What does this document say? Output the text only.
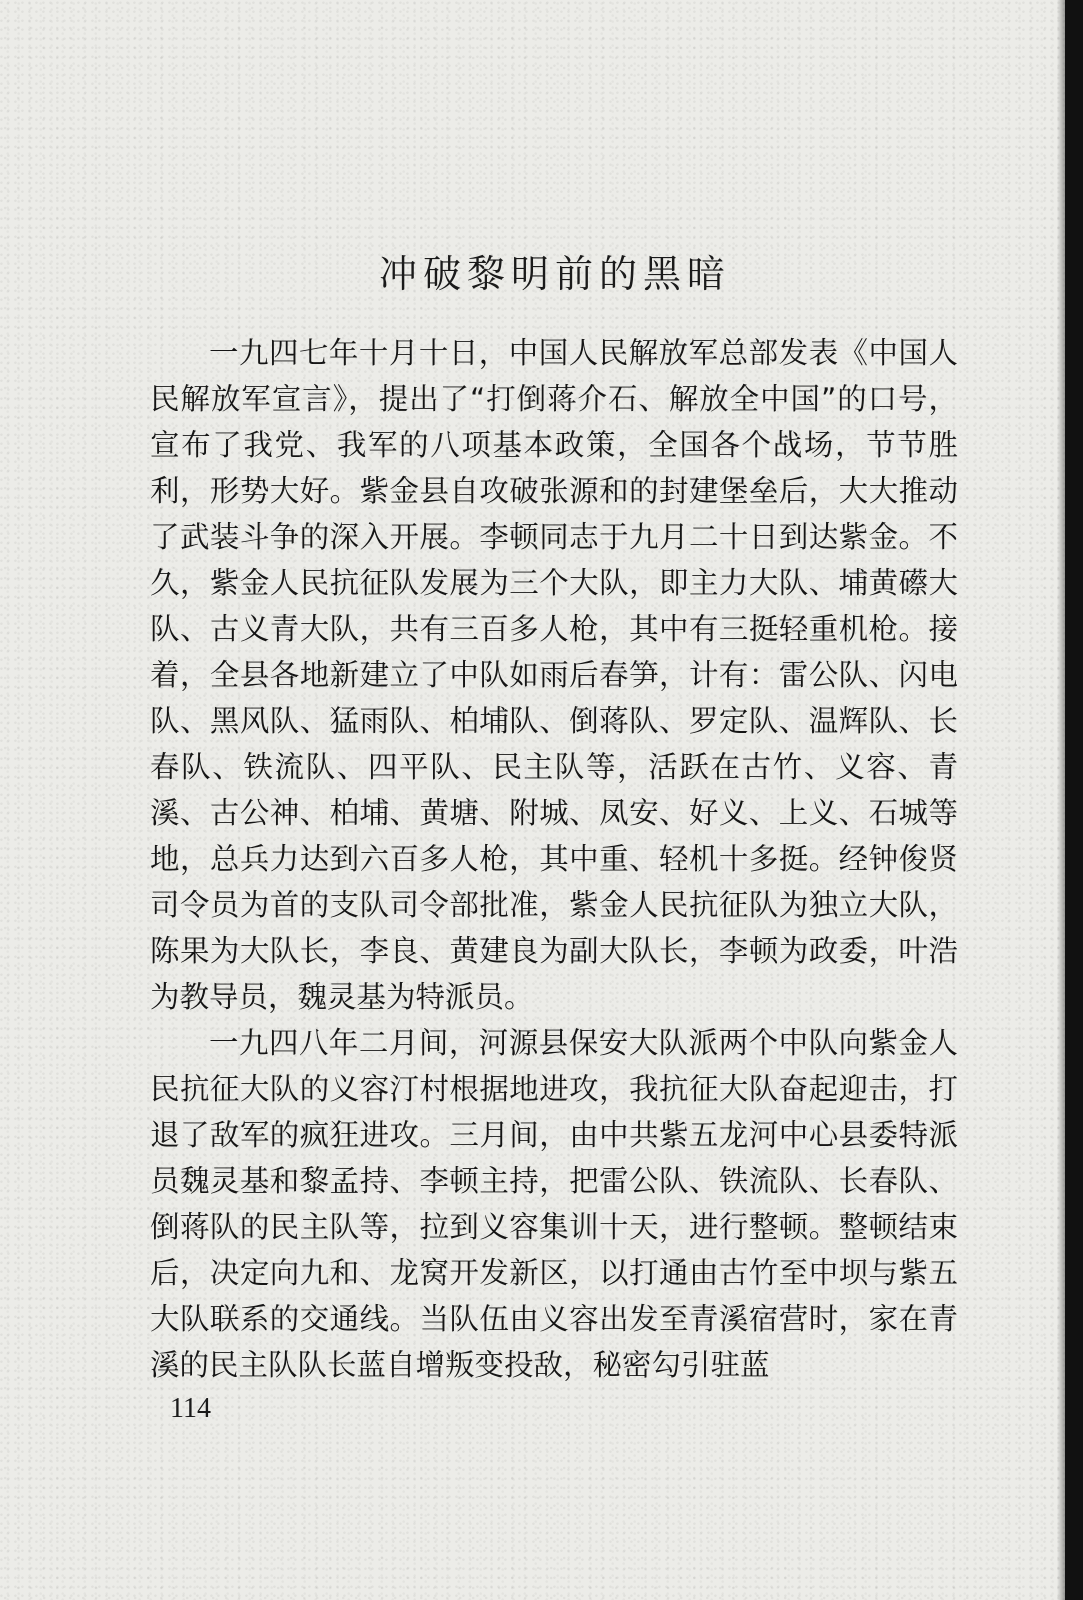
冲破黎明前的黑暗

一九四七年十月十日，中国人民解放军总部发表《中国人民解放军宣言》，提出了“打倒蒋介石、解放全中国”的口号，宣布了我党、我军的八项基本政策，全国各个战场，节节胜利，形势大好。紫金县自攻破张源和的封建堡垒后，大大推动了武装斗争的深入开展。李顿同志于九月二十日到达紫金。不久，紫金人民抗征队发展为三个大队，即主力大队、埔黄礤大队、古义青大队，共有三百多人枪，其中有三挺轻重机枪。接着，全县各地新建立了中队如雨后春笋，计有：雷公队、闪电队、黑风队、猛雨队、柏埔队、倒蒋队、罗定队、温辉队、长春队、铁流队、四平队、民主队等，活跃在古竹、义容、青溪、古公神、柏埔、黄塘、附城、凤安、好义、上义、石城等地，总兵力达到六百多人枪，其中重、轻机十多挺。经钟俊贤司令员为首的支队司令部批准，紫金人民抗征队为独立大队，陈果为大队长，李良、黄建良为副大队长，李顿为政委，叶浩为教导员，魏灵基为特派员。

一九四八年二月间，河源县保安大队派两个中队向紫金人民抗征大队的义容汀村根据地进攻，我抗征大队奋起迎击，打退了敌军的疯狂进攻。三月间，由中共紫五龙河中心县委特派员魏灵基和黎孟持、李顿主持，把雷公队、铁流队、长春队、倒蒋队的民主队等，拉到义容集训十天，进行整顿。整顿结束后，决定向九和、龙窝开发新区，以打通由古竹至中坝与紫五大队联系的交通线。当队伍由义容出发至青溪宿营时，家在青溪的民主队队长蓝自增叛变投敌，秘密勾引驻蓝

114
